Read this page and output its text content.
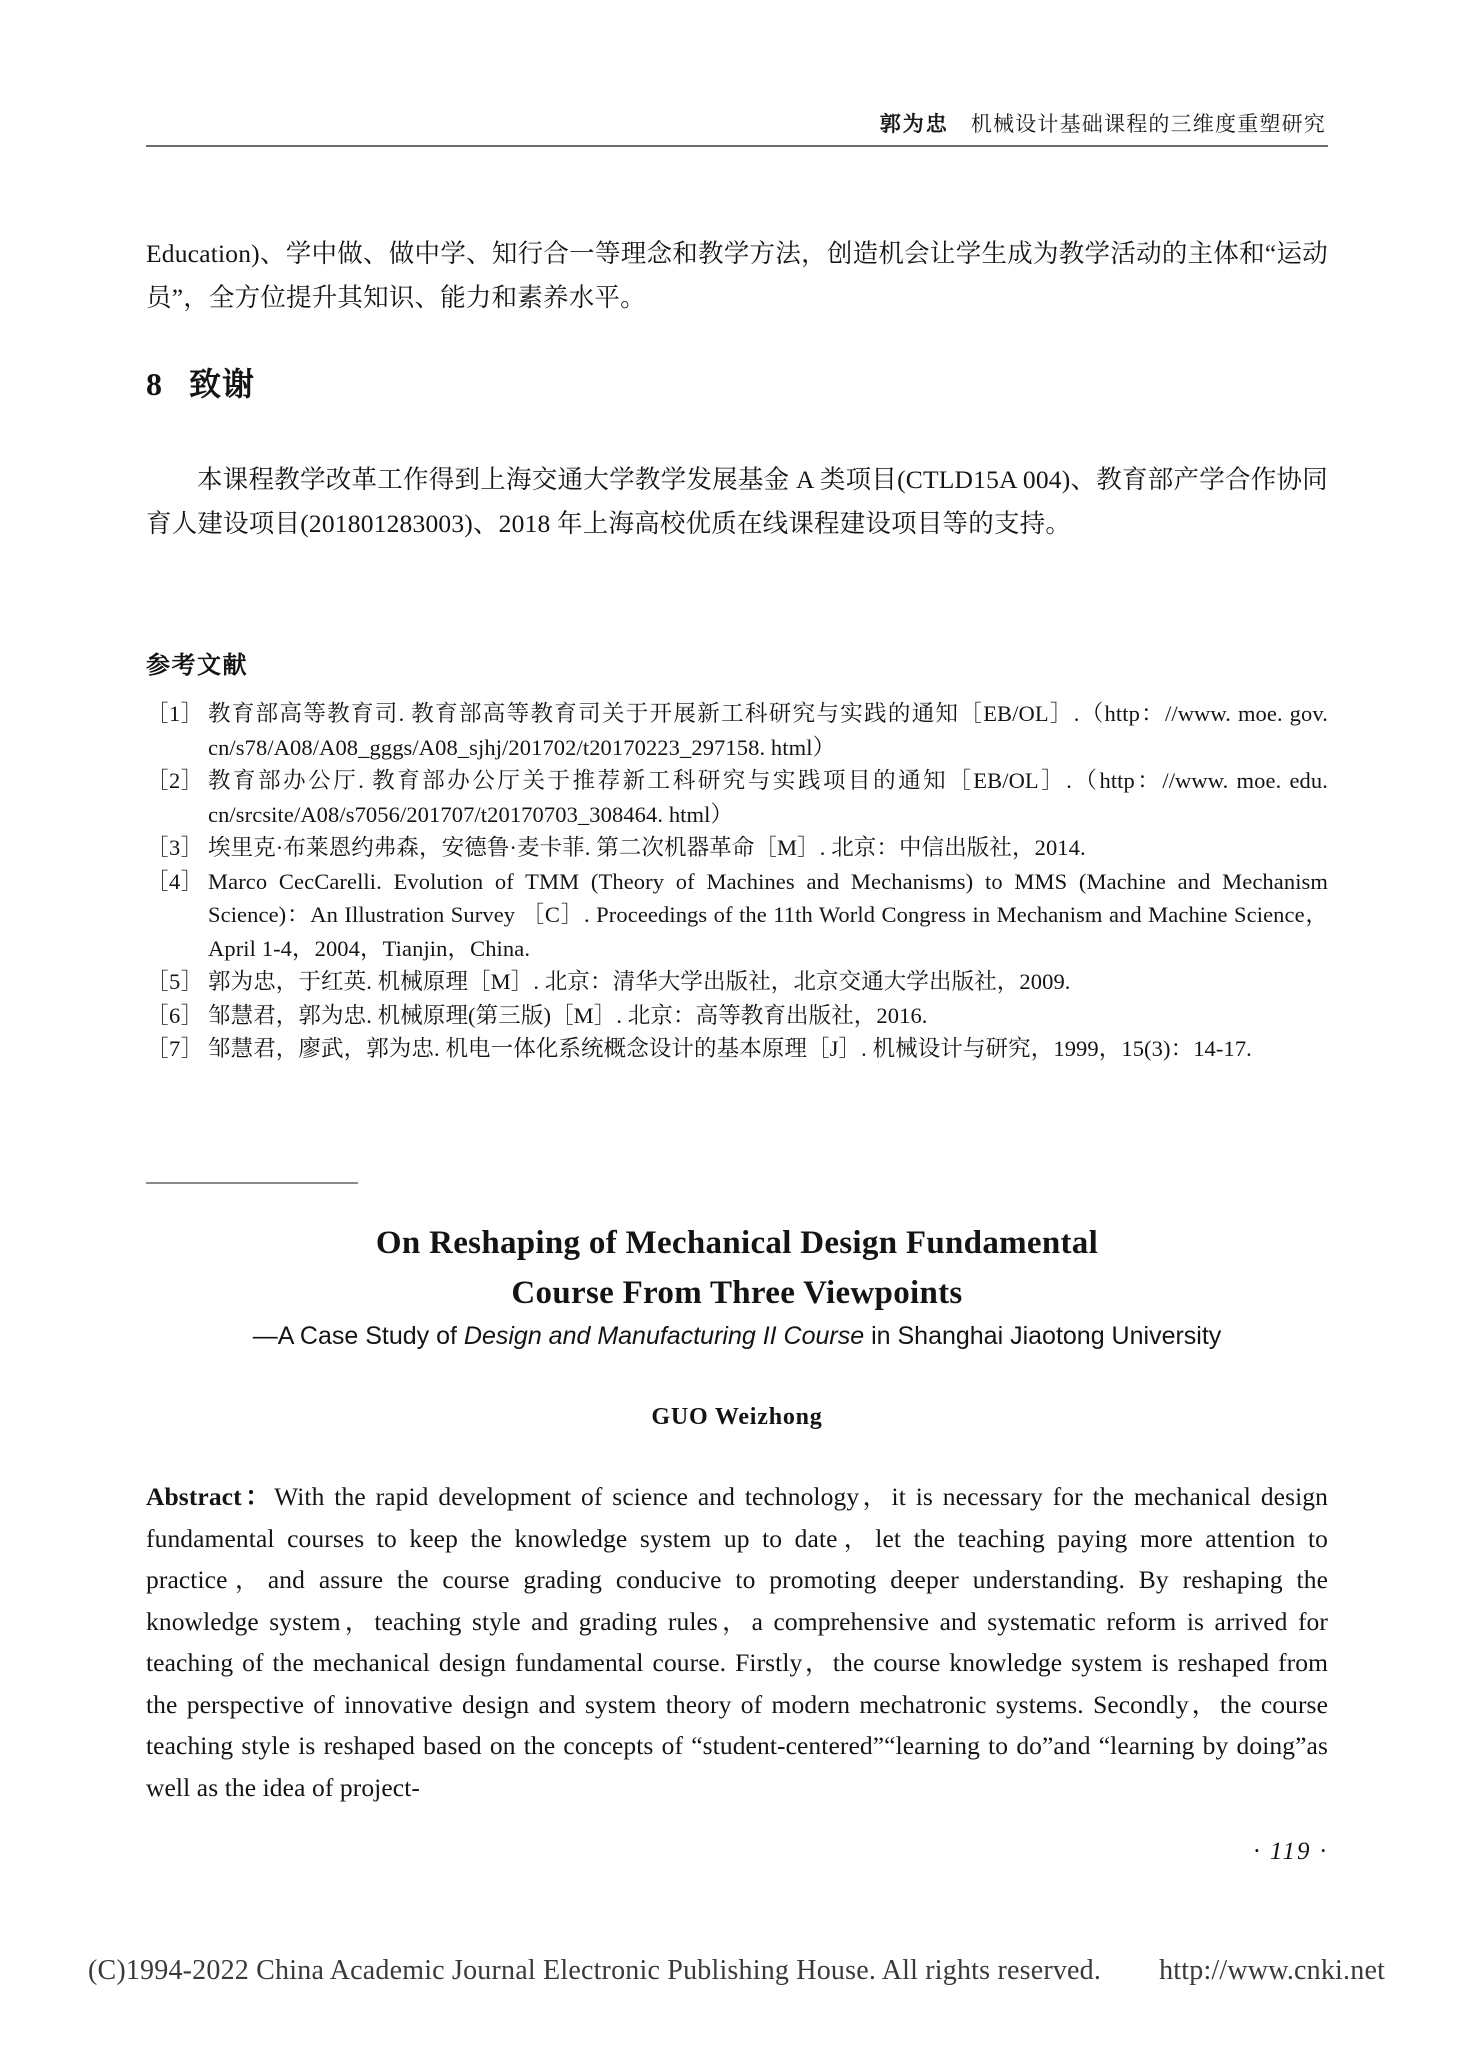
郭为忠 机械设计基础课程的三维度重塑研究

Education)、学中做、做中学、知行合一等理念和教学方法，创造机会让学生成为教学活动的主体和“运动员”，全方位提升其知识、能力和素养水平。

8 致谢

本课程教学改革工作得到上海交通大学教学发展基金 A 类项目(CTLD15A 004)、教育部产学合作协同育人建设项目(201801283003)、2018 年上海高校优质在线课程建设项目等的支持。

参考文献
［1］ 教育部高等教育司. 教育部高等教育司关于开展新工科研究与实践的通知［EB/OL］.（http：//www. moe. gov. cn/s78/A08/A08_gggs/A08_sjhj/201702/t20170223_297158. html）
［2］ 教育部办公厅. 教育部办公厅关于推荐新工科研究与实践项目的通知［EB/OL］.（http：//www. moe. edu. cn/srcsite/A08/s7056/201707/t20170703_308464. html）
［3］ 埃里克·布莱恩约弗森，安德鲁·麦卡菲. 第二次机器革命［M］. 北京：中信出版社，2014.
［4］ Marco CecCarelli. Evolution of TMM (Theory of Machines and Mechanisms) to MMS (Machine and Mechanism Science)：An Illustration Survey ［C］. Proceedings of the 11th World Congress in Mechanism and Machine Science，April 1‐4，2004，Tianjin，China.
［5］ 郭为忠，于红英. 机械原理［M］. 北京：清华大学出版社，北京交通大学出版社，2009.
［6］ 邹慧君，郭为忠. 机械原理(第三版)［M］. 北京：高等教育出版社，2016.
［7］ 邹慧君，廖武，郭为忠. 机电一体化系统概念设计的基本原理［J］. 机械设计与研究，1999，15(3)：14‐17.
On Reshaping of Mechanical Design Fundamental
Course From Three Viewpoints
—A Case Study of Design and Manufacturing II Course in Shanghai Jiaotong University
GUO Weizhong
Abstract：With the rapid development of science and technology，it is necessary for the mechanical design fundamental courses to keep the knowledge system up to date，let the teaching paying more attention to practice，and assure the course grading conducive to promoting deeper understanding. By reshaping the knowledge system，teaching style and grading rules，a comprehensive and systematic reform is arrived for teaching of the mechanical design fundamental course. Firstly，the course knowledge system is reshaped from the perspective of innovative design and system theory of modern mechatronic systems. Secondly，the course teaching style is reshaped based on the concepts of “student-centered”“learning to do”and “learning by doing”as well as the idea of project-
· 119 ·
(C)1994-2022 China Academic Journal Electronic Publishing House. All rights reserved. http://www.cnki.net
